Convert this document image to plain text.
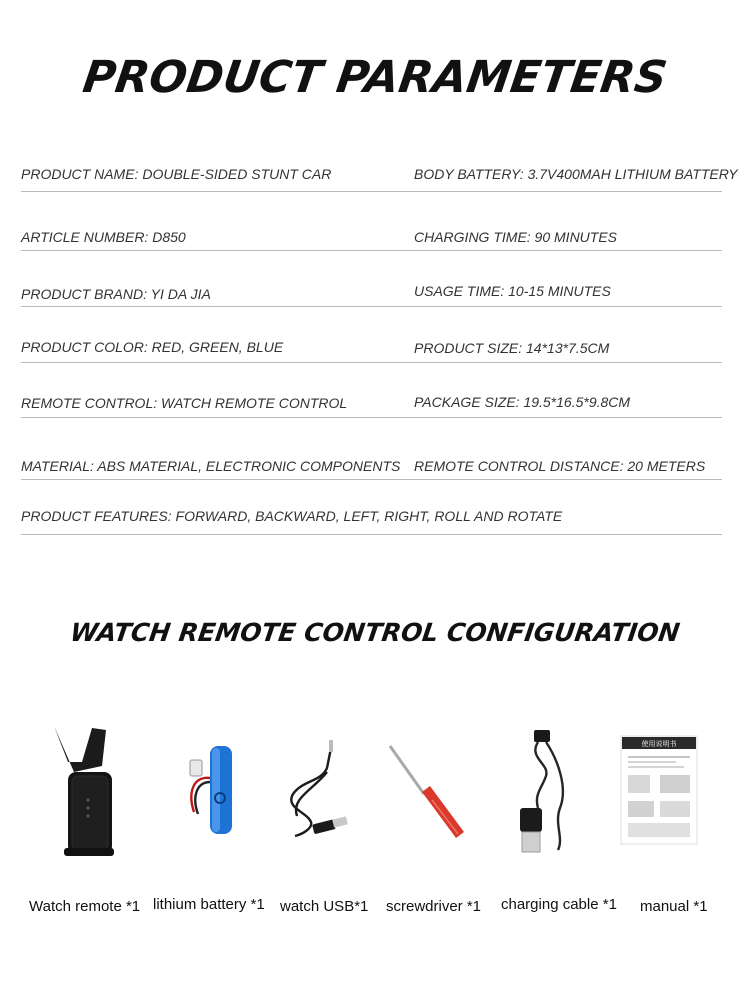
PRODUCT PARAMETERS
PRODUCT NAME: DOUBLE-SIDED STUNT CAR	BODY BATTERY: 3.7V400MAH LITHIUM BATTERY
ARTICLE NUMBER: D850	CHARGING TIME: 90 MINUTES
PRODUCT BRAND: YI DA JIA	USAGE TIME: 10-15 MINUTES
PRODUCT COLOR: RED, GREEN, BLUE	PRODUCT SIZE: 14*13*7.5CM
REMOTE CONTROL: WATCH REMOTE CONTROL	PACKAGE SIZE: 19.5*16.5*9.8CM
MATERIAL: ABS MATERIAL, ELECTRONIC COMPONENTS REMOTE CONTROL DISTANCE: 20 METERS
PRODUCT FEATURES: FORWARD, BACKWARD, LEFT, RIGHT, ROLL AND ROTATE
WATCH REMOTE CONTROL CONFIGURATION
使用说明书
Watch remote *1 lithium battery *1 watch USB*1 screwdriver *1 charging cable *1 manual *1
